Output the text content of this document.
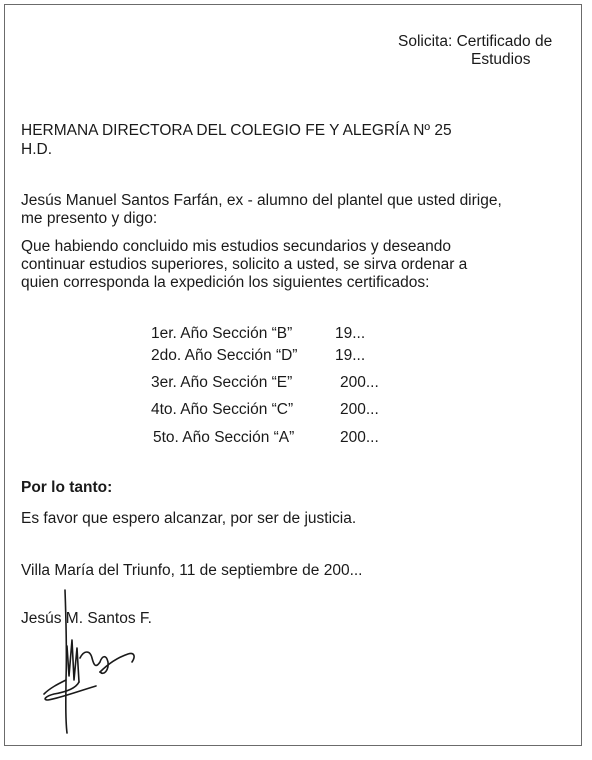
Solicita: Certificado de
Estudios
HERMANA DIRECTORA DEL COLEGIO FE Y ALEGRÍA Nº 25
H.D.
Jesús Manuel Santos Farfán, ex - alumno del plantel que usted dirige,
me presento y digo:
Que habiendo concluido mis estudios secundarios y deseando
continuar estudios superiores, solicito a usted, se sirva ordenar a
quien corresponda la expedición los siguientes certificados:
1er. Año Sección “B”	19...
2do. Año Sección “D” 19...
3er. Año Sección “E”	200...
4to. Año Sección “C”	200...
5to. Año Sección “A”	200...
Por lo tanto:
Es favor que espero alcanzar, por ser de justicia.
Villa María del Triunfo, 11 de septiembre de 200...
Jesús M. Santos F.
